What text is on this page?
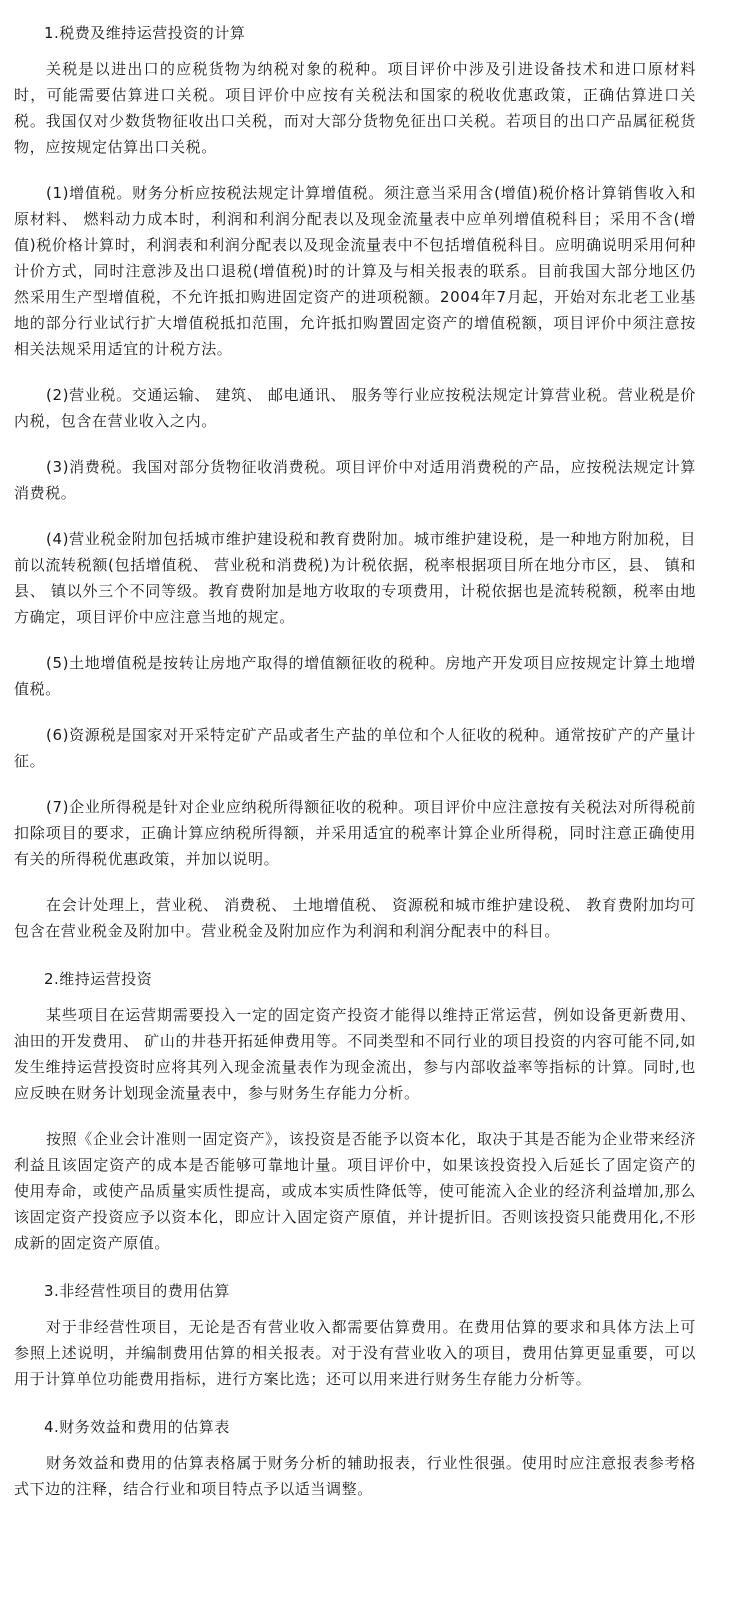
1.税费及维持运营投资的计算

关税是以进出口的应税货物为纳税对象的税种。项目评价中涉及引进设备技术和进口原材料时，可能需要估算进口关税。项目评价中应按有关税法和国家的税收优惠政策，正确估算进口关税。我国仅对少数货物征收出口关税，而对大部分货物免征出口关税。若项目的出口产品属征税货物，应按规定估算出口关税。

(1)增值税。财务分析应按税法规定计算增值税。须注意当采用含(增值)税价格计算销售收入和原材料、 燃料动力成本时，利润和利润分配表以及现金流量表中应单列增值税科目；采用不含(增值)税价格计算时，利润表和利润分配表以及现金流量表中不包括增值税科目。应明确说明采用何种计价方式，同时注意涉及出口退税(增值税)时的计算及与相关报表的联系。目前我国大部分地区仍然采用生产型增值税，不允许抵扣购进固定资产的进项税额。2004年7月起，开始对东北老工业基地的部分行业试行扩大增值税抵扣范围，允许抵扣购置固定资产的增值税额，项目评价中须注意按相关法规采用适宜的计税方法。

(2)营业税。交通运输、 建筑、 邮电通讯、 服务等行业应按税法规定计算营业税。营业税是价内税，包含在营业收入之内。

(3)消费税。我国对部分货物征收消费税。项目评价中对适用消费税的产品，应按税法规定计算消费税。

(4)营业税金附加包括城市维护建设税和教育费附加。城市维护建设税，是一种地方附加税，目前以流转税额(包括增值税、 营业税和消费税)为计税依据，税率根据项目所在地分市区，县、 镇和县、 镇以外三个不同等级。教育费附加是地方收取的专项费用，计税依据也是流转税额，税率由地方确定，项目评价中应注意当地的规定。

(5)土地增值税是按转让房地产取得的增值额征收的税种。房地产开发项目应按规定计算土地增值税。

(6)资源税是国家对开采特定矿产品或者生产盐的单位和个人征收的税种。通常按矿产的产量计征。

(7)企业所得税是针对企业应纳税所得额征收的税种。项目评价中应注意按有关税法对所得税前扣除项目的要求，正确计算应纳税所得额，并采用适宜的税率计算企业所得税，同时注意正确使用有关的所得税优惠政策，并加以说明。

在会计处理上，营业税、 消费税、 土地增值税、 资源税和城市维护建设税、 教育费附加均可包含在营业税金及附加中。营业税金及附加应作为利润和利润分配表中的科目。

2.维持运营投资

某些项目在运营期需要投入一定的固定资产投资才能得以维持正常运营，例如设备更新费用、油田的开发费用、 矿山的井巷开拓延伸费用等。不同类型和不同行业的项目投资的内容可能不同,如发生维持运营投资时应将其列入现金流量表作为现金流出，参与内部收益率等指标的计算。同时,也应反映在财务计划现金流量表中，参与财务生存能力分析。

按照《企业会计准则一固定资产》，该投资是否能予以资本化，取决于其是否能为企业带来经济利益且该固定资产的成本是否能够可靠地计量。项目评价中，如果该投资投入后延长了固定资产的使用寿命，或使产品质量实质性提高，或成本实质性降低等，使可能流入企业的经济利益增加,那么该固定资产投资应予以资本化，即应计入固定资产原值，并计提折旧。否则该投资只能费用化,不形成新的固定资产原值。

3.非经营性项目的费用估算

对于非经营性项目，无论是否有营业收入都需要估算费用。在费用估算的要求和具体方法上可参照上述说明，并编制费用估算的相关报表。对于没有营业收入的项目，费用估算更显重要，可以用于计算单位功能费用指标，进行方案比选；还可以用来进行财务生存能力分析等。

4.财务效益和费用的估算表

财务效益和费用的估算表格属于财务分析的辅助报表，行业性很强。使用时应注意报表参考格式下边的注释，结合行业和项目特点予以适当调整。
